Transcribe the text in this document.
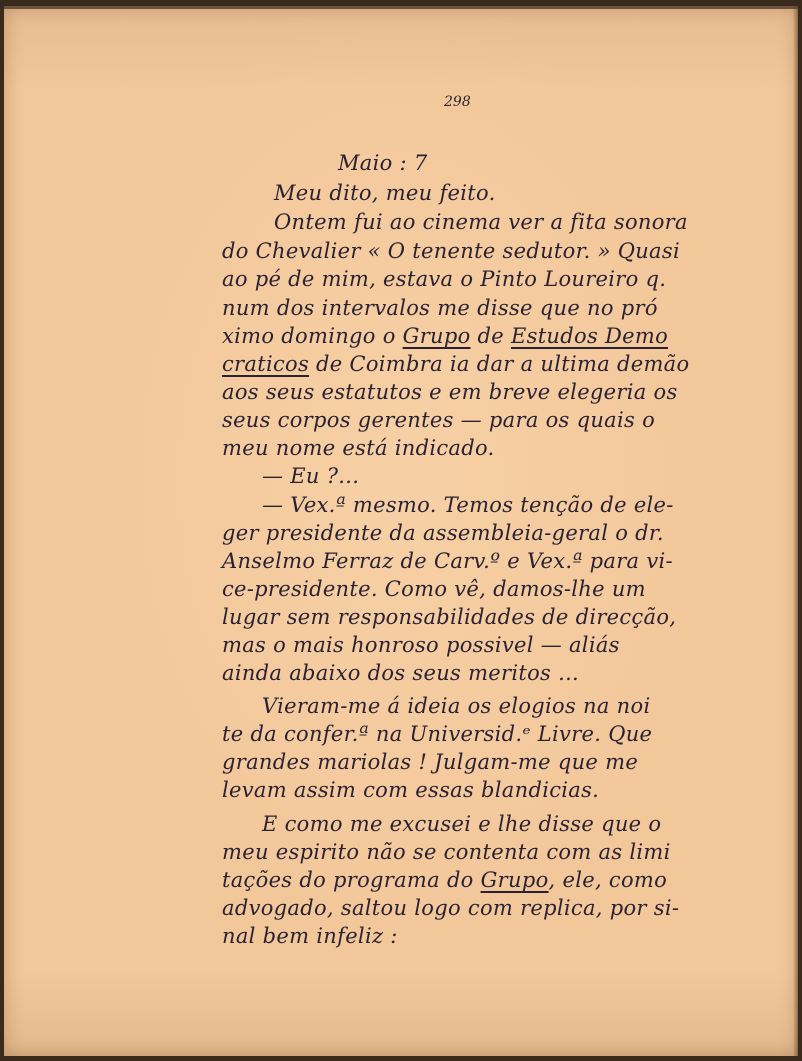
298
Maio : 7
Meu dito, meu feito.
Ontem fui ao cinema ver a fita sonora
do Chevalier « O tenente sedutor. » Quasi
ao pé de mim, estava o Pinto Loureiro q.
num dos intervalos me disse que no pró
ximo domingo o Grupo de Estudos Demo
craticos de Coimbra ia dar a ultima demão
aos seus estatutos e em breve elegeria os
seus corpos gerentes — para os quais o
meu nome está indicado.
— Eu ?...
— Vex.ª mesmo. Temos tenção de ele-
ger presidente da assembleia-geral o dr.
Anselmo Ferraz de Carv.º e Vex.ª para vi-
ce-presidente. Como vê, damos-lhe um
lugar sem responsabilidades de direcção,
mas o mais honroso possivel — aliás
ainda abaixo dos seus meritos ...
Vieram-me á ideia os elogios na noi
te da confer.ª na Universid.ᵉ Livre. Que
grandes mariolas ! Julgam-me que me
levam assim com essas blandicias.
E como me excusei e lhe disse que o
meu espirito não se contenta com as limi
tações do programa do Grupo, ele, como
advogado, saltou logo com replica, por si-
nal bem infeliz :
